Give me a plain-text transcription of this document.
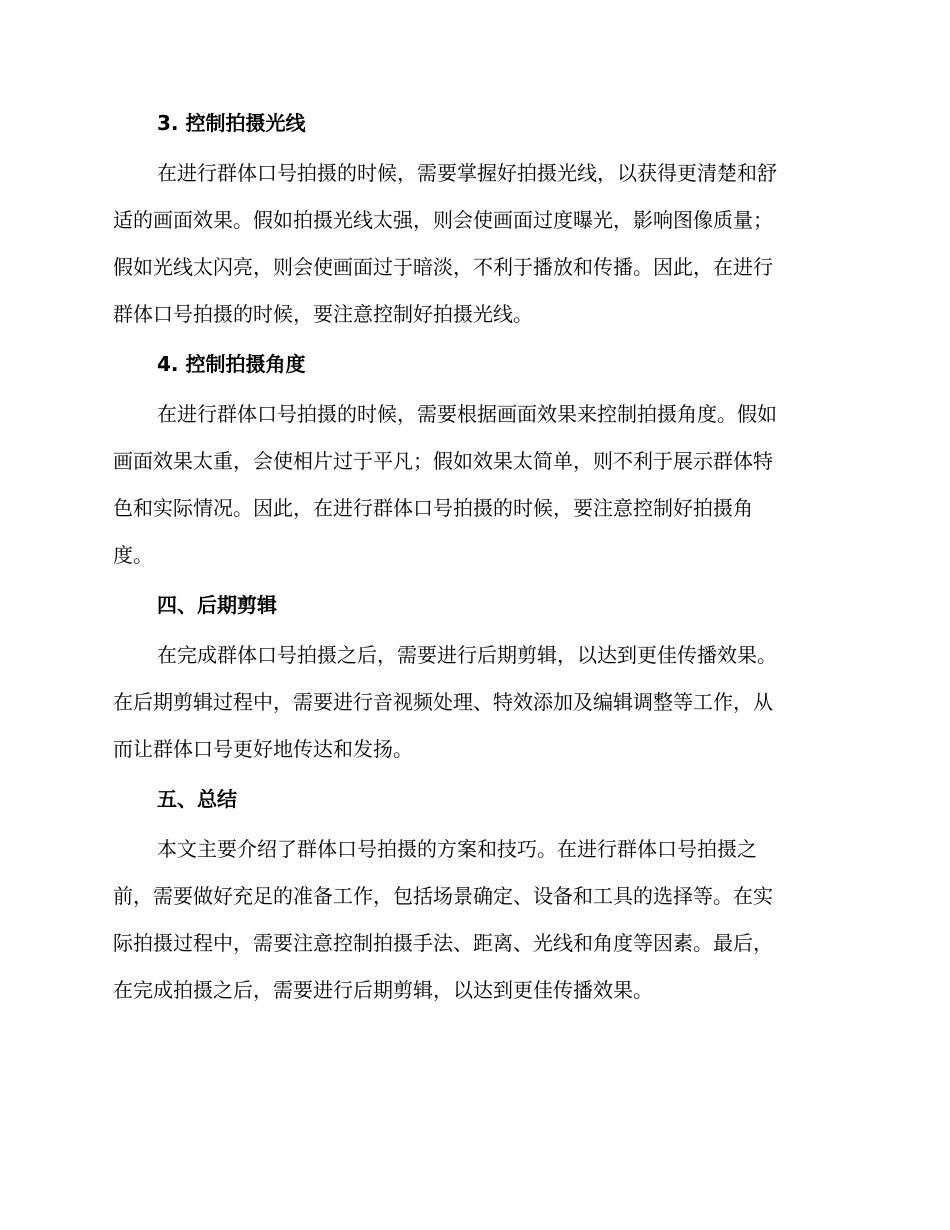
3. 控制拍摄光线
在进行群体口号拍摄的时候，需要掌握好拍摄光线，以获得更清楚和舒
适的画面效果。假如拍摄光线太强，则会使画面过度曝光，影响图像质量；
假如光线太闪亮，则会使画面过于暗淡，不利于播放和传播。因此，在进行
群体口号拍摄的时候，要注意控制好拍摄光线。
4. 控制拍摄角度
在进行群体口号拍摄的时候，需要根据画面效果来控制拍摄角度。假如
画面效果太重，会使相片过于平凡；假如效果太简单，则不利于展示群体特
色和实际情况。因此，在进行群体口号拍摄的时候，要注意控制好拍摄角
度。
四、后期剪辑
在完成群体口号拍摄之后，需要进行后期剪辑，以达到更佳传播效果。
在后期剪辑过程中，需要进行音视频处理、特效添加及编辑调整等工作，从
而让群体口号更好地传达和发扬。
五、总结
本文主要介绍了群体口号拍摄的方案和技巧。在进行群体口号拍摄之
前，需要做好充足的准备工作，包括场景确定、设备和工具的选择等。在实
际拍摄过程中，需要注意控制拍摄手法、距离、光线和角度等因素。最后，
在完成拍摄之后，需要进行后期剪辑，以达到更佳传播效果。
